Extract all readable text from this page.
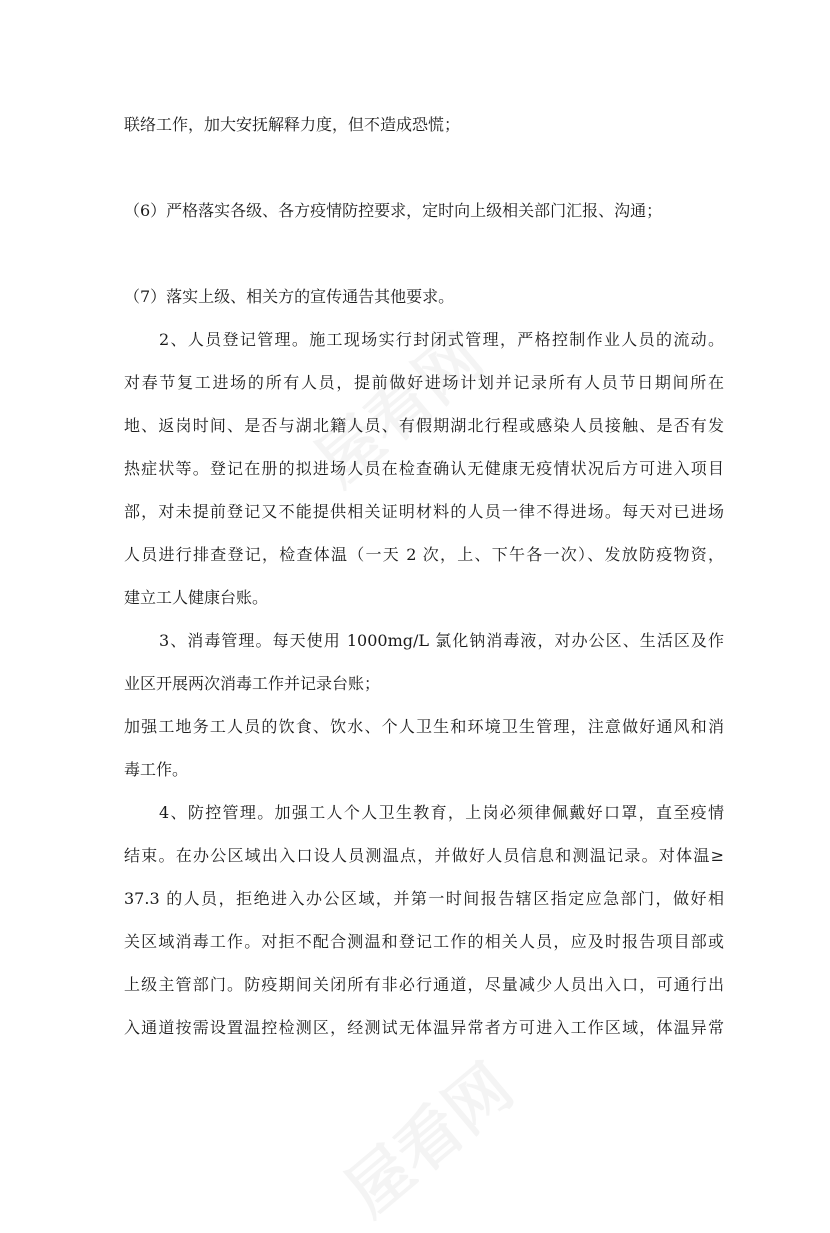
联络工作，加大安抚解释力度，但不造成恐慌；
（6）严格落实各级、各方疫情防控要求，定时向上级相关部门汇报、沟通；
（7）落实上级、相关方的宣传通告其他要求。
2、人员登记管理。施工现场实行封闭式管理，严格控制作业人员的流动。
对春节复工进场的所有人员，提前做好进场计划并记录所有人员节日期间所在
地、返岗时间、是否与湖北籍人员、有假期湖北行程或感染人员接触、是否有发
热症状等。登记在册的拟进场人员在检查确认无健康无疫情状况后方可进入项目
部，对未提前登记又不能提供相关证明材料的人员一律不得进场。每天对已进场
人员进行排查登记，检查体温（一天 2 次，上、下午各一次）、发放防疫物资，
建立工人健康台账。
3、消毒管理。每天使用 1000mg/L 氯化钠消毒液，对办公区、生活区及作
业区开展两次消毒工作并记录台账；
加强工地务工人员的饮食、饮水、个人卫生和环境卫生管理，注意做好通风和消
毒工作。
4、防控管理。加强工人个人卫生教育，上岗必须律佩戴好口罩，直至疫情
结束。在办公区域出入口设人员测温点，并做好人员信息和测温记录。对体温≥
37.3 的人员，拒绝进入办公区域，并第一时间报告辖区指定应急部门，做好相
关区域消毒工作。对拒不配合测温和登记工作的相关人员，应及时报告项目部或
上级主管部门。防疫期间关闭所有非必行通道，尽量减少人员出入口，可通行出
入通道按需设置温控检测区，经测试无体温异常者方可进入工作区域，体温异常
